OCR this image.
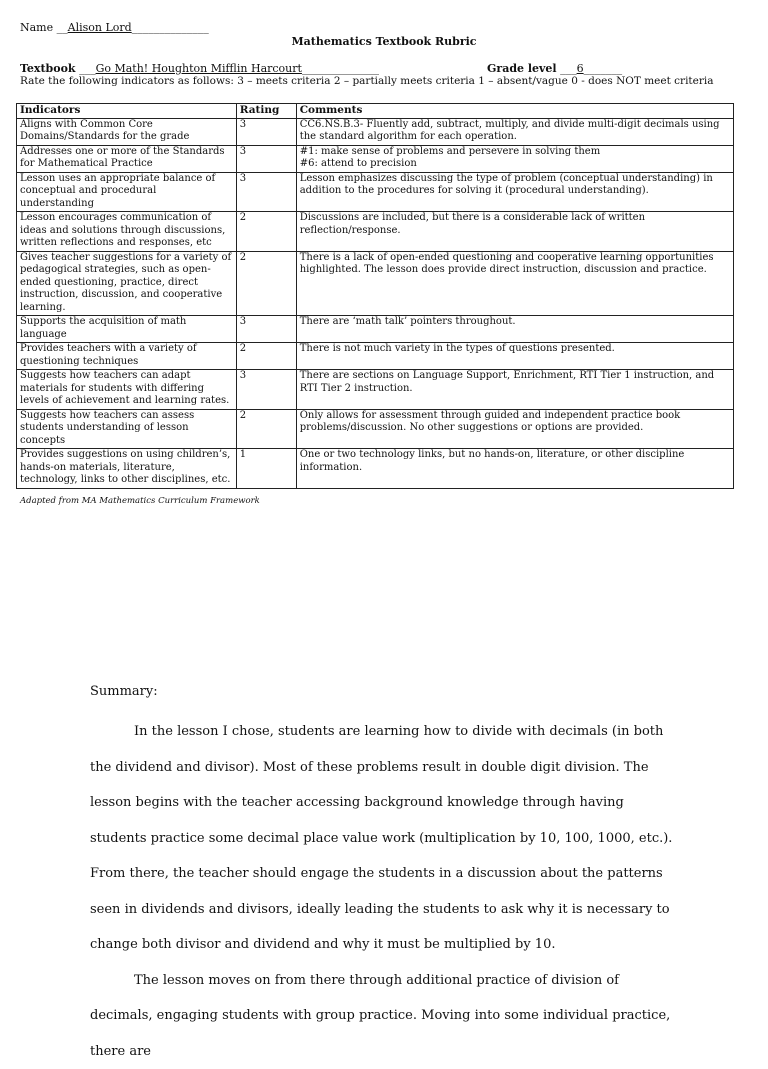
Name __Alison Lord______________
Mathematics Textbook Rubric
Textbook ___Go Math! Houghton Mifflin Harcourt______________	Grade level ___6_______
Rate the following indicators as follows: 3 – meets criteria 2 – partially meets criteria 1 – absent/vague 0 - does NOT meet criteria
Indicators	Rating	Comments
Aligns with Common Core Domains/Standards for the grade	3	CC6.NS.B.3- Fluently add, subtract, multiply, and divide multi-digit decimals using the standard algorithm for each operation.
Addresses one or more of the Standards for Mathematical Practice	3	#1: make sense of problems and persevere in solving them
#6: attend to precision
Lesson uses an appropriate balance of conceptual and procedural understanding	3	Lesson emphasizes discussing the type of problem (conceptual understanding) in addition to the procedures for solving it (procedural understanding).
Lesson encourages communication of ideas and solutions through discussions, written reflections and responses, etc	2	Discussions are included, but there is a considerable lack of written reflection/response.
Gives teacher suggestions for a variety of pedagogical strategies, such as open-ended questioning, practice, direct instruction, discussion, and cooperative learning.	2	There is a lack of open-ended questioning and cooperative learning opportunities highlighted. The lesson does provide direct instruction, discussion and practice.
Supports the acquisition of math language	3	There are ‘math talk’ pointers throughout.
Provides teachers with a variety of questioning techniques	2	There is not much variety in the types of questions presented.
Suggests how teachers can adapt materials for students with differing levels of achievement and learning rates.	3	There are sections on Language Support, Enrichment, RTI Tier 1 instruction, and RTI Tier 2 instruction.
Suggests how teachers can assess students understanding of lesson concepts	2	Only allows for assessment through guided and independent practice book problems/discussion. No other suggestions or options are provided.
Provides suggestions on using children’s, hands-on materials, literature, technology, links to other disciplines, etc.	1	One or two technology links, but no hands-on, literature, or other discipline information.
Adapted from MA Mathematics Curriculum Framework
Summary:

In the lesson I chose, students are learning how to divide with decimals (in both the dividend and divisor). Most of these problems result in double digit division. The lesson begins with the teacher accessing background knowledge through having students practice some decimal place value work (multiplication by 10, 100, 1000, etc.). From there, the teacher should engage the students in a discussion about the patterns seen in dividends and divisors, ideally leading the students to ask why it is necessary to change both divisor and dividend and why it must be multiplied by 10.

The lesson moves on from there through additional practice of division of decimals, engaging students with group practice. Moving into some individual practice, there are
